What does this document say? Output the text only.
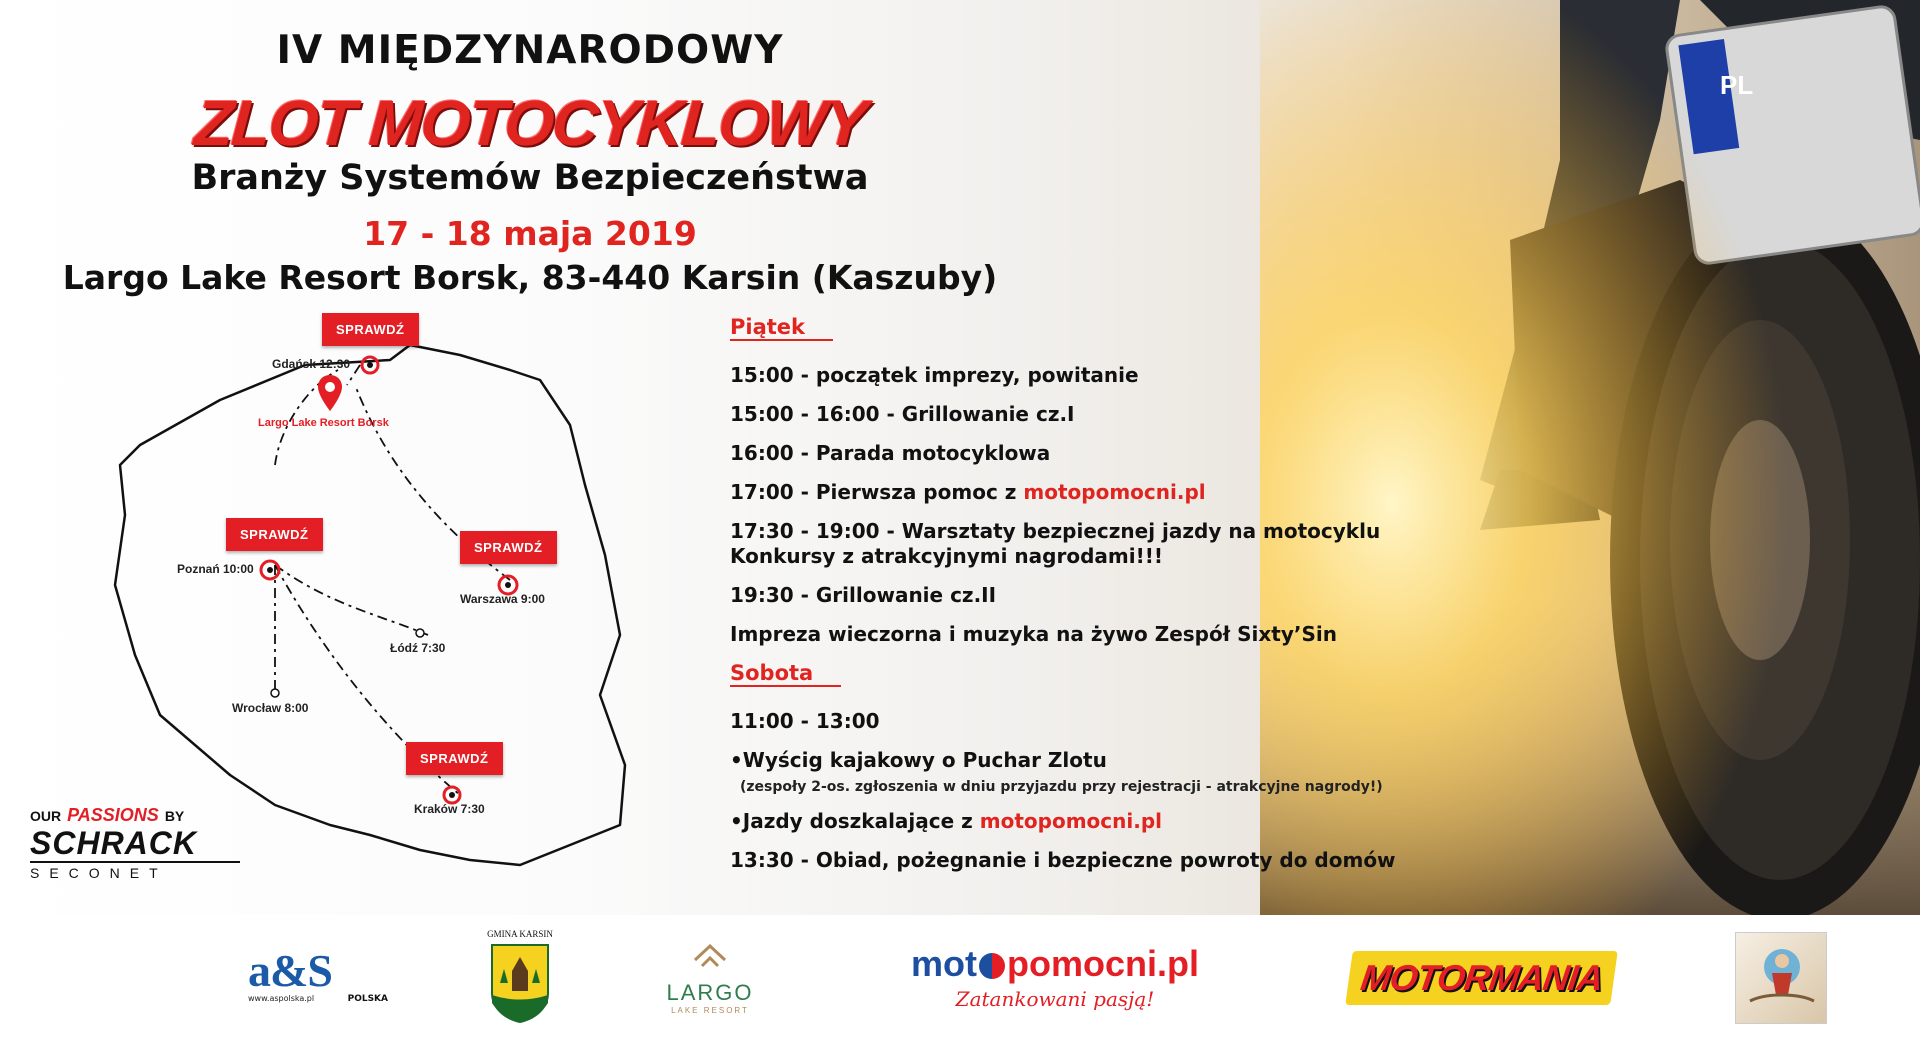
PL
IV MIĘDZYNARODOWY
ZLOT MOTOCYKLOWY
Branży Systemów Bezpieczeństwa
17 - 18 maja 2019
Largo Lake Resort Borsk, 83-440 Karsin (Kaszuby)
Largo Lake Resort Borsk
SPRAWDŹ
Gdańsk 12:30
SPRAWDŹ
Poznań 10:00
SPRAWDŹ
Warszawa 9:00
Łódź 7:30
Wrocław 8:00
SPRAWDŹ
Kraków 7:30
OUR PASSIONS BY
SCHRACK
SECONET
Piątek
15:00 - początek imprezy, powitanie
15:00 - 16:00 - Grillowanie cz.I
16:00 - Parada motocyklowa
17:00 - Pierwsza pomoc z motopomocni.pl
17:30 - 19:00 - Warsztaty bezpiecznej jazdy na motocyklu
Konkursy z atrakcyjnymi nagrodami!!!
19:30 - Grillowanie cz.II
Impreza wieczorna i muzyka na żywo Zespół Sixty’Sin
Sobota
11:00 - 13:00
•Wyścig kajakowy o Puchar Zlotu
(zespoły 2-os. zgłoszenia w dniu przyjazdu przy rejestracji - atrakcyjne nagrody!)
•Jazdy doszkalające z motopomocni.pl
13:30 - Obiad, pożegnanie i bezpieczne powroty do domów
a&S
www.aspolska.pl	POLSKA
GMINA KARSIN
LARGO
LAKE RESORT
mot pomocni.pl
Zatankowani pasją!
MOTORMANIA
